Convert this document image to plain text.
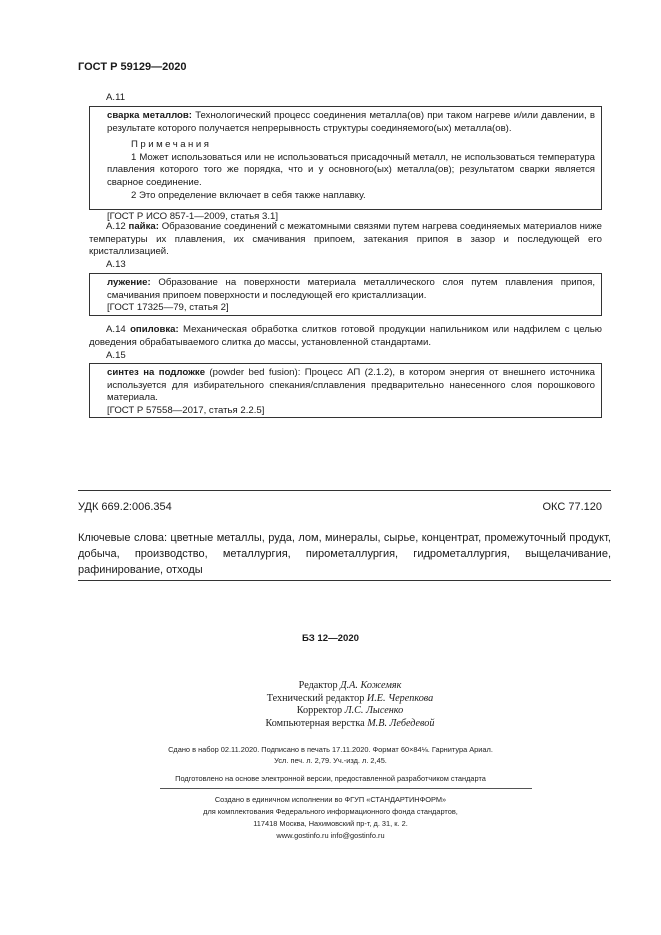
ГОСТ Р 59129—2020
А.11

сварка металлов: Технологический процесс соединения металла(ов) при таком нагреве и/или давлении, в результате которого получается непрерывность структуры соединяемого(ых) металла(ов).

Примечания

1 Может использоваться или не использоваться присадочный металл, не использоваться температура плавления которого того же порядка, что и у основного(ых) металла(ов); результатом сварки является сварное соединение.

2 Это определение включает в себя также наплавку.

[ГОСТ Р ИСО 857-1—2009, статья 3.1]

А.12 пайка: Образование соединений с межатомными связями путем нагрева соединяемых материалов ниже температуры их плавления, их смачивания припоем, затекания припоя в зазор и последующей его кристаллизацией.

А.13

лужение: Образование на поверхности материала металлического слоя путем плавления припоя, смачивания припоем поверхности и последующей его кристаллизации.

[ГОСТ 17325—79, статья 2]

А.14 опиловка: Механическая обработка слитков готовой продукции напильником или надфилем с целью доведения обрабатываемого слитка до массы, установленной стандартами.

А.15

синтез на подложке (powder bed fusion): Процесс АП (2.1.2), в котором энергия от внешнего источника используется для избирательного спекания/сплавления предварительно нанесенного слоя порошкового материала.

[ГОСТ Р 57558—2017, статья 2.2.5]

УДК 669.2:006.354	ОКС 77.120

Ключевые слова: цветные металлы, руда, лом, минералы, сырье, концентрат, промежуточный продукт, добыча, производство, металлургия, пирометаллургия, гидрометаллургия, выщелачивание, рафинирование, отходы

БЗ 12—2020
Редактор Д.А. Кожемяк
Технический редактор И.Е. Черепкова
Корректор Л.С. Лысенко
Компьютерная верстка М.В. Лебедевой
Сдано в набор 02.11.2020. Подписано в печать 17.11.2020. Формат 60×84⅛. Гарнитура Ариал.
Усл. печ. л. 2,79. Уч.-изд. л. 2,45.
Подготовлено на основе электронной версии, предоставленной разработчиком стандарта
Создано в единичном исполнении во ФГУП «СТАНДАРТИНФОРМ»
для комплектования Федерального информационного фонда стандартов,
117418 Москва, Нахимовский пр-т, д. 31, к. 2.
www.gostinfo.ru info@gostinfo.ru
